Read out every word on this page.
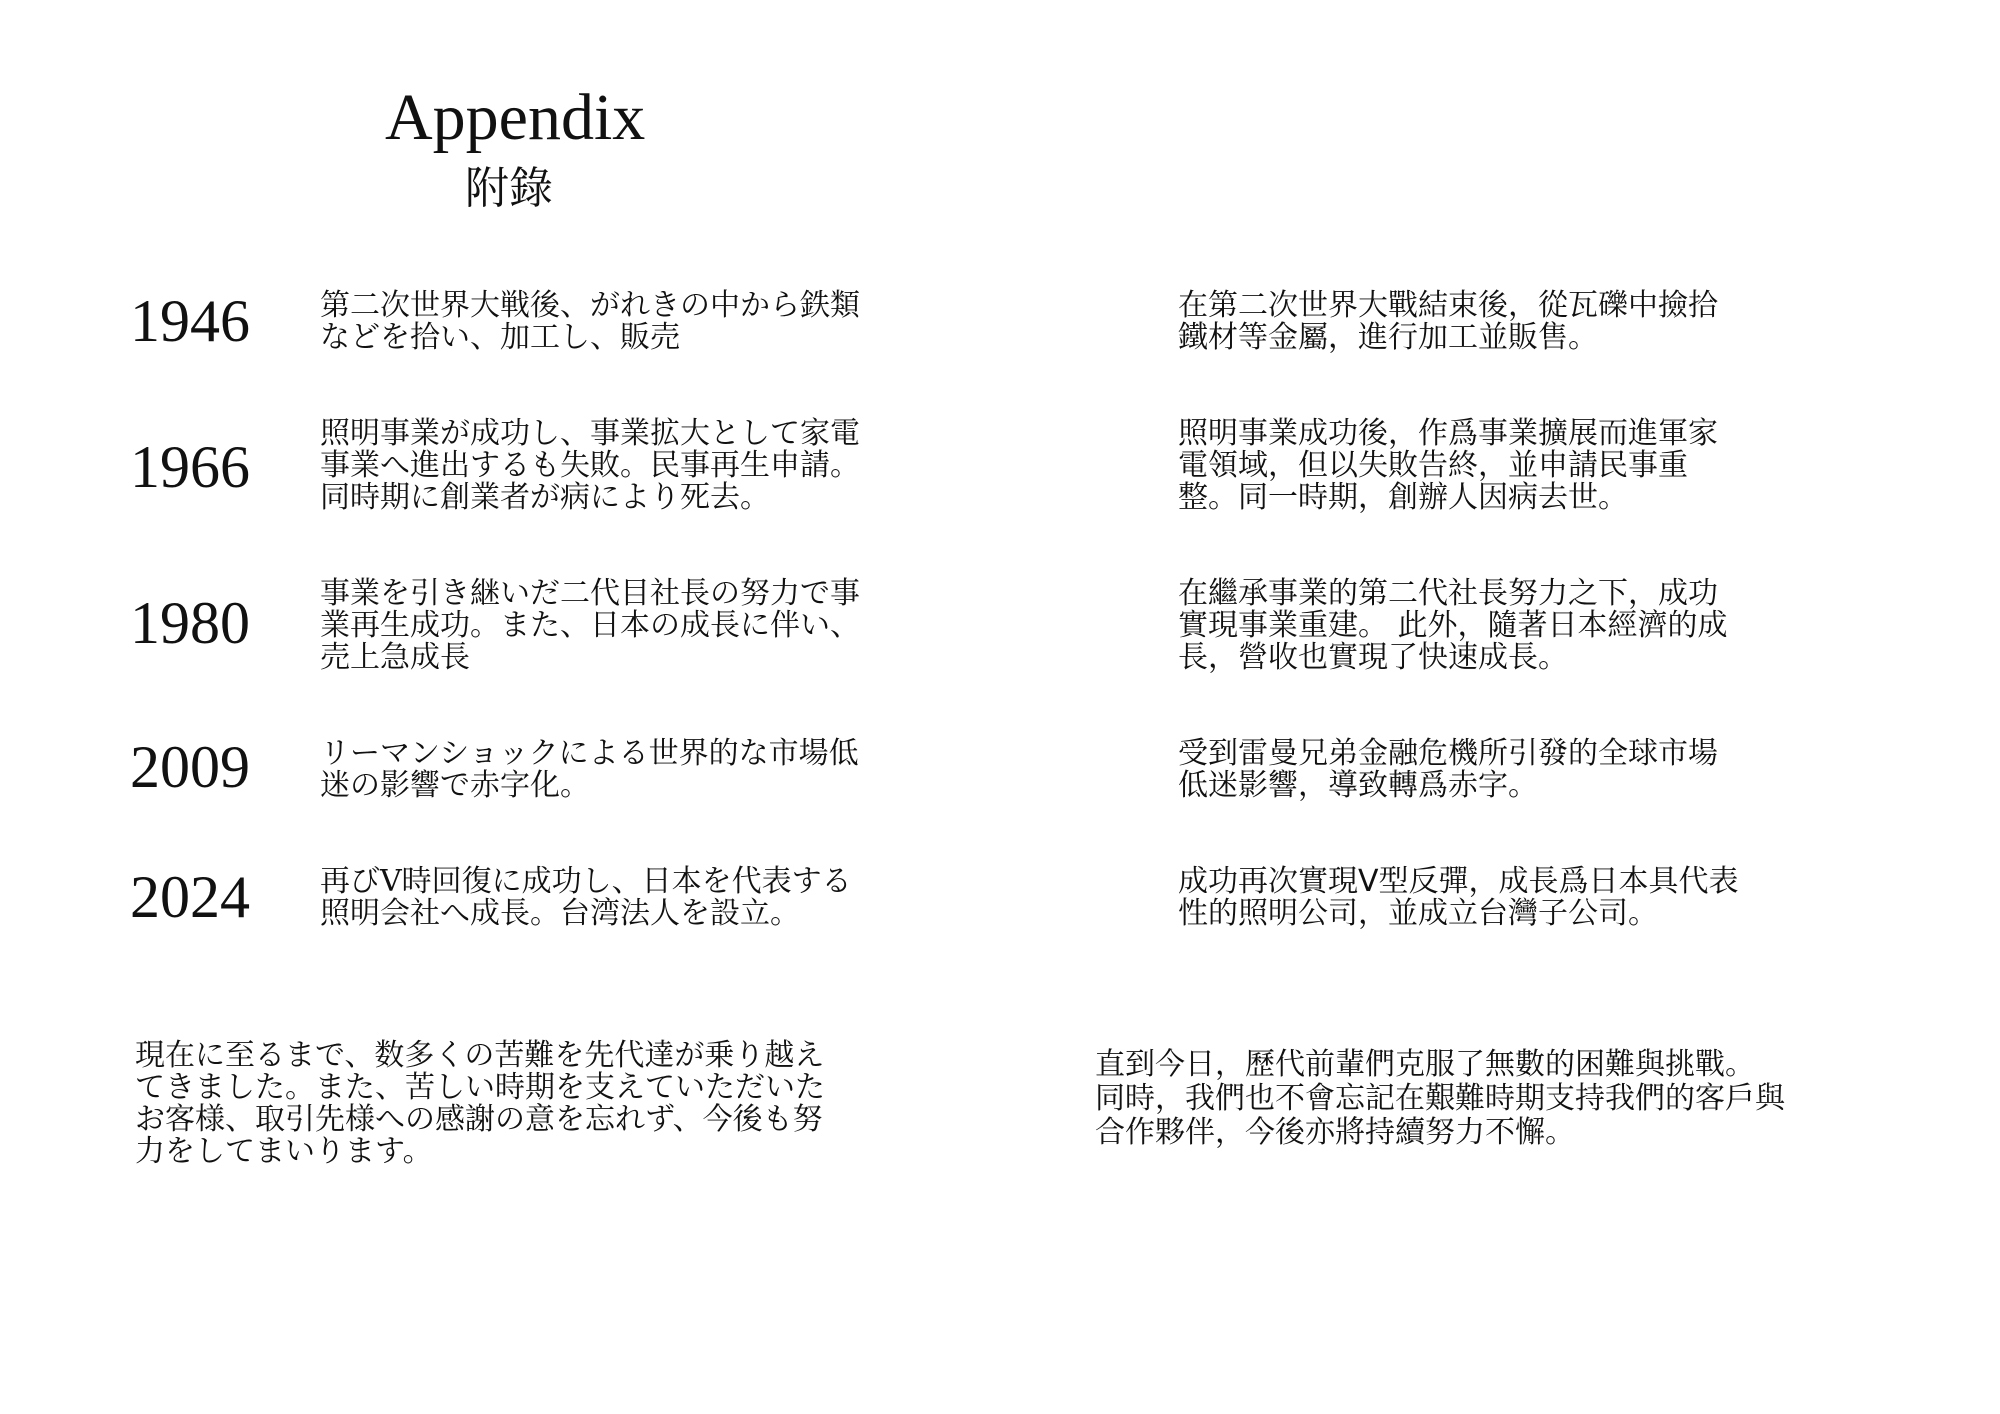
Appendix
附錄
1946 第二次世界大戦後、がれきの中から鉄類
などを拾い、加工し、販売
在第二次世界大戰結束後，從瓦礫中撿拾
鐵材等金屬，進行加工並販售。
1966
照明事業が成功し、事業拡大として家電
事業へ進出するも失敗。民事再生申請。
同時期に創業者が病により死去。
照明事業成功後，作爲事業擴展而進軍家
電領域，但以失敗告終，並申請民事重
整。同一時期，創辦人因病去世。
1980 事業を引き継いだ二代目社長の努力で事
業再生成功。また、日本の成長に伴い、
売上急成長
在繼承事業的第二代社長努力之下，成功
實現事業重建。 此外，隨著日本經濟的成
長，營收也實現了快速成長。
2009 リーマンショックによる世界的な市場低
迷の影響で赤字化。
受到雷曼兄弟金融危機所引發的全球市場
低迷影響，導致轉爲赤字。
2024 再びV時回復に成功し、日本を代表する
照明会社へ成長。台湾法人を設立。
成功再次實現V型反彈，成長爲日本具代表
性的照明公司，並成立台灣子公司。
現在に至るまで、数多くの苦難を先代達が乗り越え
てきました。また、苦しい時期を支えていただいた
お客様、取引先様への感謝の意を忘れず、今後も努
力をしてまいります。
直到今日，歷代前輩們克服了無數的困難與挑戰。
同時，我們也不會忘記在艱難時期支持我們的客戶與
合作夥伴，今後亦將持續努力不懈。
